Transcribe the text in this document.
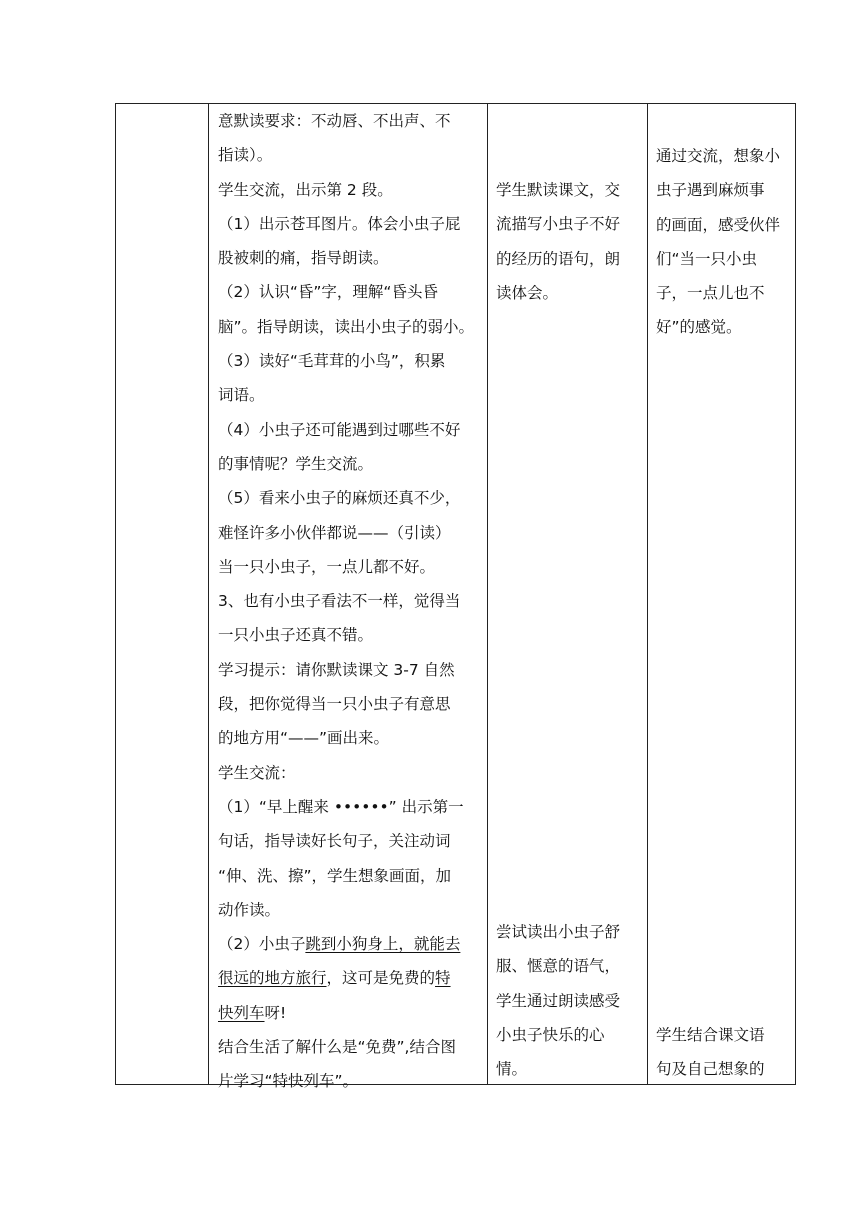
意默读要求：不动唇、不出声、不

指读）。

学生交流，出示第 2 段。

（1）出示苍耳图片。体会小虫子屁

股被刺的痛，指导朗读。

（2）认识“昏”字，理解“昏头昏

脑”。指导朗读，读出小虫子的弱小。

（3）读好“毛茸茸的小鸟”，积累

词语。

（4）小虫子还可能遇到过哪些不好

的事情呢？学生交流。

（5）看来小虫子的麻烦还真不少，

难怪许多小伙伴都说——（引读）

当一只小虫子，一点儿都不好。

3、也有小虫子看法不一样，觉得当

一只小虫子还真不错。

学习提示：请你默读课文 3-7 自然

段，把你觉得当一只小虫子有意思

的地方用“——”画出来。

学生交流：

（1）“早上醒来 ••••••” 出示第一

句话，指导读好长句子，关注动词

“伸、洗、擦”，学生想象画面，加

动作读。

（2）小虫子跳到小狗身上，就能去

很远的地方旅行，这可是免费的特

快列车呀!

结合生活了解什么是“免费”,结合图

片学习“特快列车”。

学生默读课文，交

流描写小虫子不好

的经历的语句，朗

读体会。

尝试读出小虫子舒

服、惬意的语气，

学生通过朗读感受

小虫子快乐的心

情。

通过交流，想象小

虫子遇到麻烦事

的画面，感受伙伴

们“当一只小虫

子，一点儿也不

好”的感觉。

学生结合课文语

句及自己想象的
